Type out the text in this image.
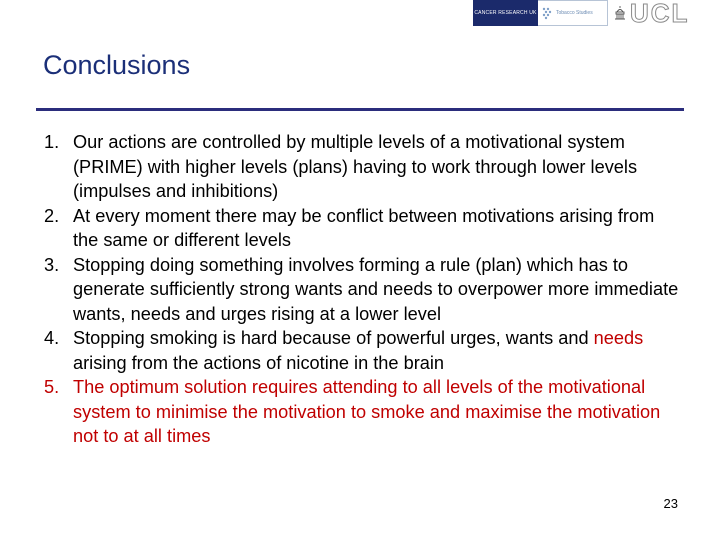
CANCER RESEARCH UK	Tobacco Studies UCL
Conclusions
1. Our actions are controlled by multiple levels of a motivational system (PRIME) with higher levels (plans) having to work through lower levels (impulses and inhibitions)
2. At every moment there may be conflict between motivations arising from the same or different levels
3. Stopping doing something involves forming a rule (plan) which has to generate sufficiently strong wants and needs to overpower more immediate wants, needs and urges rising at a lower level
4. Stopping smoking is hard because of powerful urges, wants and needs arising from the actions of nicotine in the brain
5. The optimum solution requires attending to all levels of the motivational system to minimise the motivation to smoke and maximise the motivation not to at all times
23
